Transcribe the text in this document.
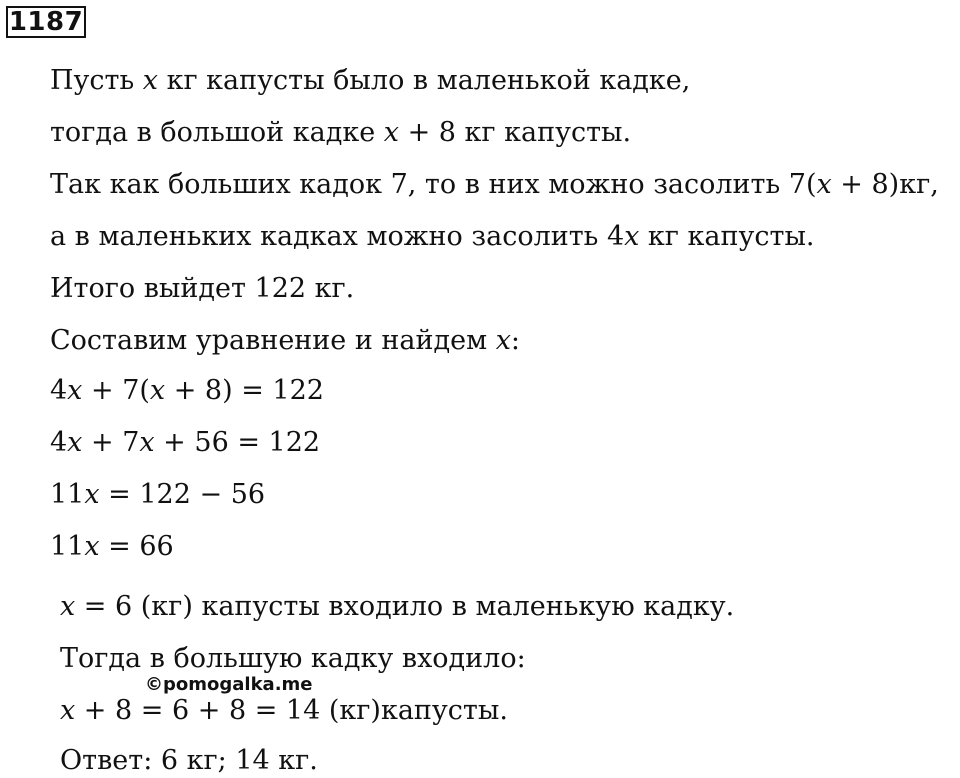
1187
Пусть 𝑥 кг капусты было в маленькой кадке,
тогда в большой кадке 𝑥 + 8 кг капусты.
Так как больших кадок 7, то в них можно засолить 7(𝑥 + 8)кг,
а в маленьких кадках можно засолить 4𝑥 кг капусты.
Итого выйдет 122 кг.
Составим уравнение и найдем 𝑥:
4𝑥 + 7(𝑥 + 8) = 122
4𝑥 + 7𝑥 + 56 = 122
11𝑥 = 122 − 56
11𝑥 = 66
𝑥 = 6 (кг) капусты входило в маленькую кадку.
Тогда в большую кадку входило:
𝑥 + 8 = 6 + 8 = 14 (кг)капусты.
Ответ: 6 кг; 14 кг.
©pomogalka.me
